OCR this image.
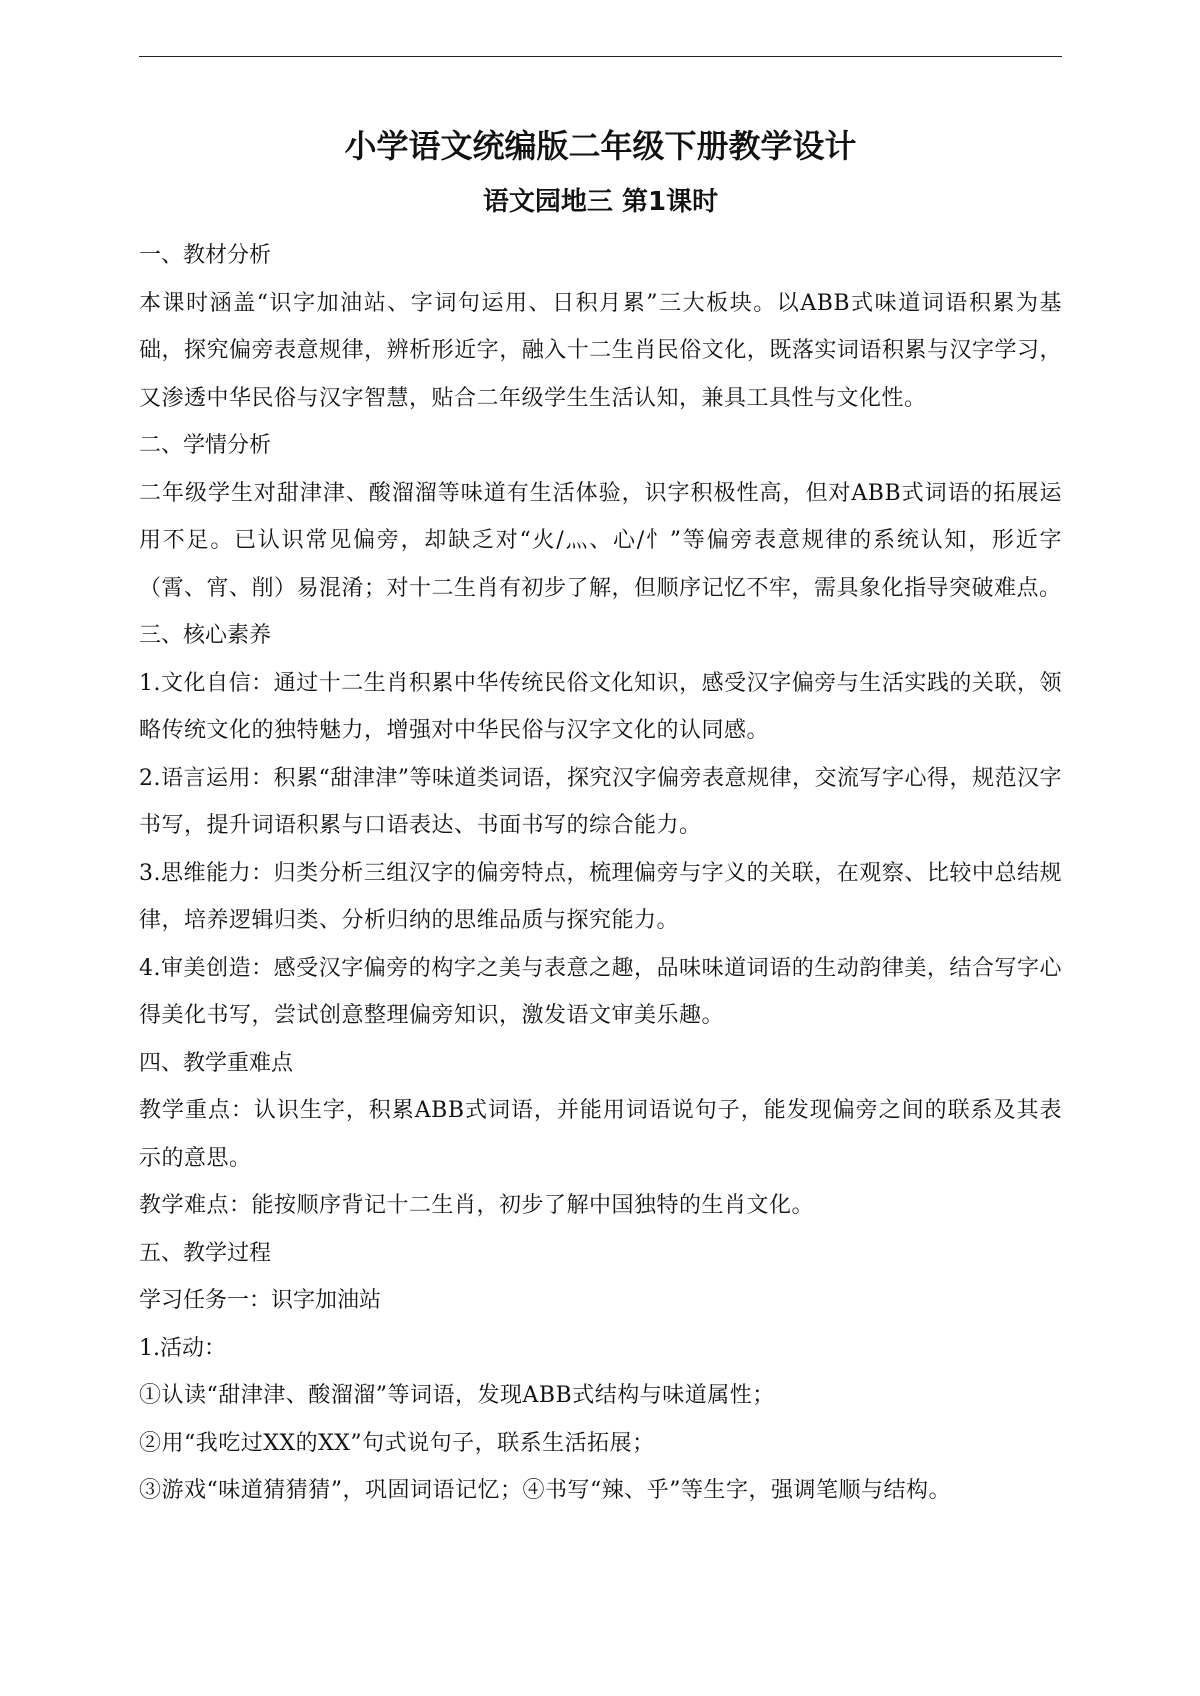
小学语文统编版二年级下册教学设计
语文园地三 第1课时

一、教材分析

本课时涵盖“识字加油站、字词句运用、日积月累”三大板块。以ABB式味道词语积累为基础，探究偏旁表意规律，辨析形近字，融入十二生肖民俗文化，既落实词语积累与汉字学习，又渗透中华民俗与汉字智慧，贴合二年级学生生活认知，兼具工具性与文化性。

二、学情分析

二年级学生对甜津津、酸溜溜等味道有生活体验，识字积极性高，但对ABB式词语的拓展运用不足。已认识常见偏旁，却缺乏对“火/灬、心/忄”等偏旁表意规律的系统认知，形近字（霄、宵、削）易混淆；对十二生肖有初步了解，但顺序记忆不牢，需具象化指导突破难点。

三、核心素养

1.文化自信：通过十二生肖积累中华传统民俗文化知识，感受汉字偏旁与生活实践的关联，领略传统文化的独特魅力，增强对中华民俗与汉字文化的认同感。

2.语言运用：积累“甜津津”等味道类词语，探究汉字偏旁表意规律，交流写字心得，规范汉字书写，提升词语积累与口语表达、书面书写的综合能力。

3.思维能力：归类分析三组汉字的偏旁特点，梳理偏旁与字义的关联，在观察、比较中总结规律，培养逻辑归类、分析归纳的思维品质与探究能力。

4.审美创造：感受汉字偏旁的构字之美与表意之趣，品味味道词语的生动韵律美，结合写字心得美化书写，尝试创意整理偏旁知识，激发语文审美乐趣。

四、教学重难点

教学重点：认识生字，积累ABB式词语，并能用词语说句子，能发现偏旁之间的联系及其表示的意思。

教学难点：能按顺序背记十二生肖，初步了解中国独特的生肖文化。

五、教学过程

学习任务一：识字加油站

1.活动：

①认读“甜津津、酸溜溜”等词语，发现ABB式结构与味道属性；

②用“我吃过XX的XX”句式说句子，联系生活拓展；

③游戏“味道猜猜猜”，巩固词语记忆；④书写“辣、乎”等生字，强调笔顺与结构。
